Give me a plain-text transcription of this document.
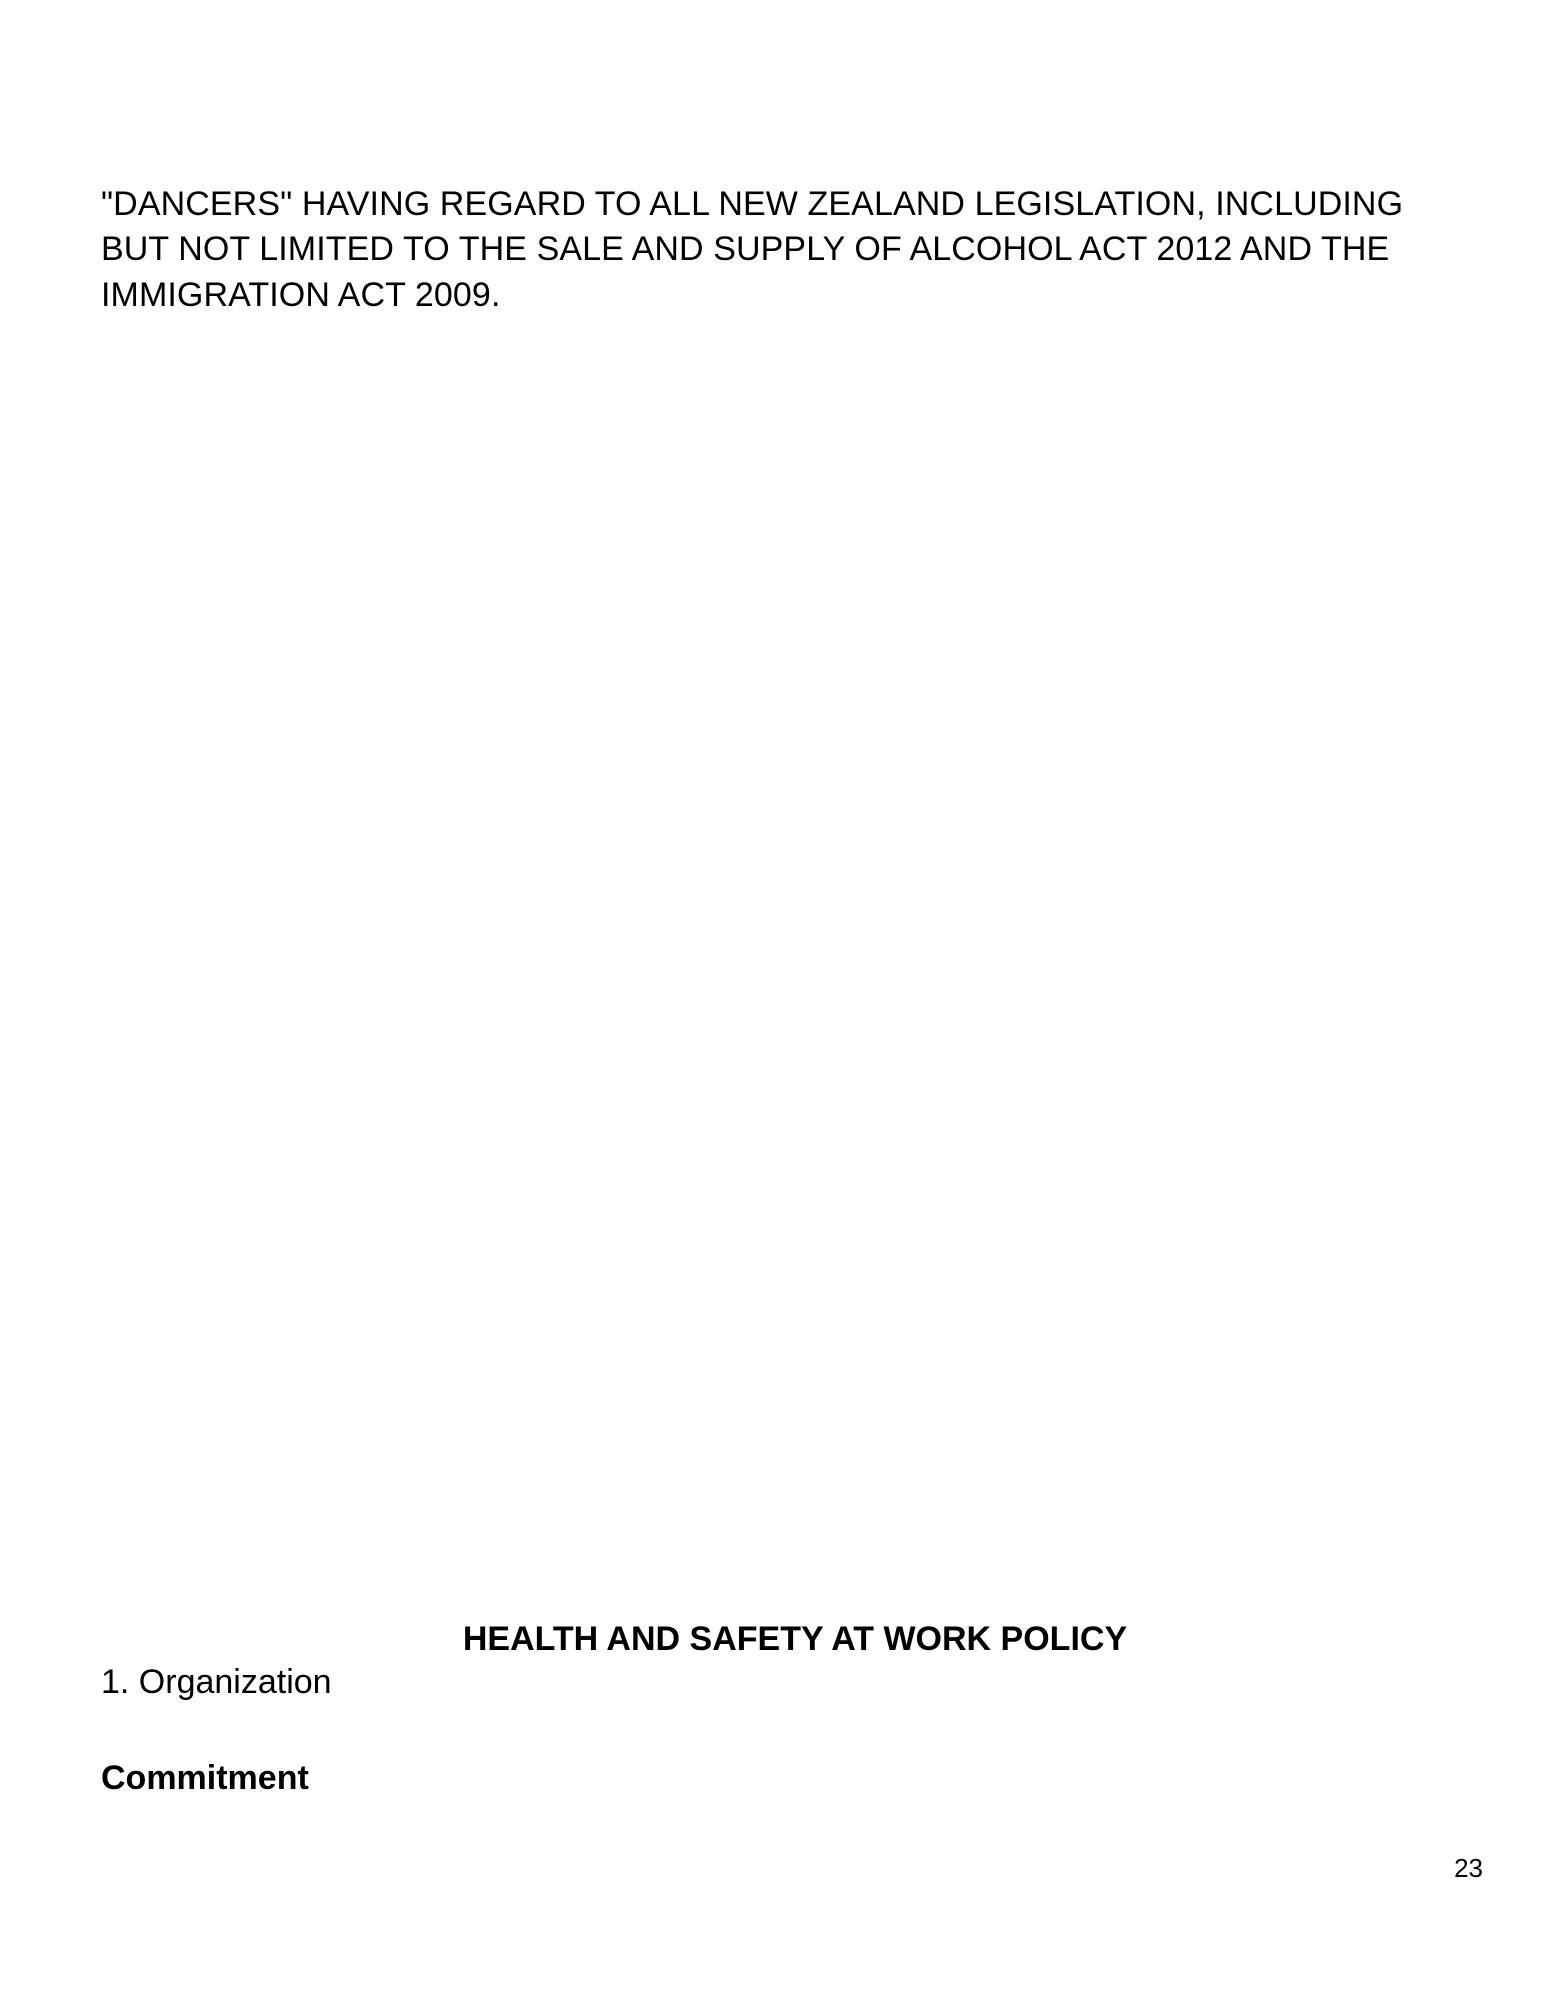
"DANCERS" HAVING REGARD TO ALL NEW ZEALAND LEGISLATION, INCLUDING
BUT NOT LIMITED TO THE SALE AND SUPPLY OF ALCOHOL ACT 2012 AND THE
IMMIGRATION ACT 2009.
HEALTH AND SAFETY AT WORK POLICY
1. Organization
Commitment
23
